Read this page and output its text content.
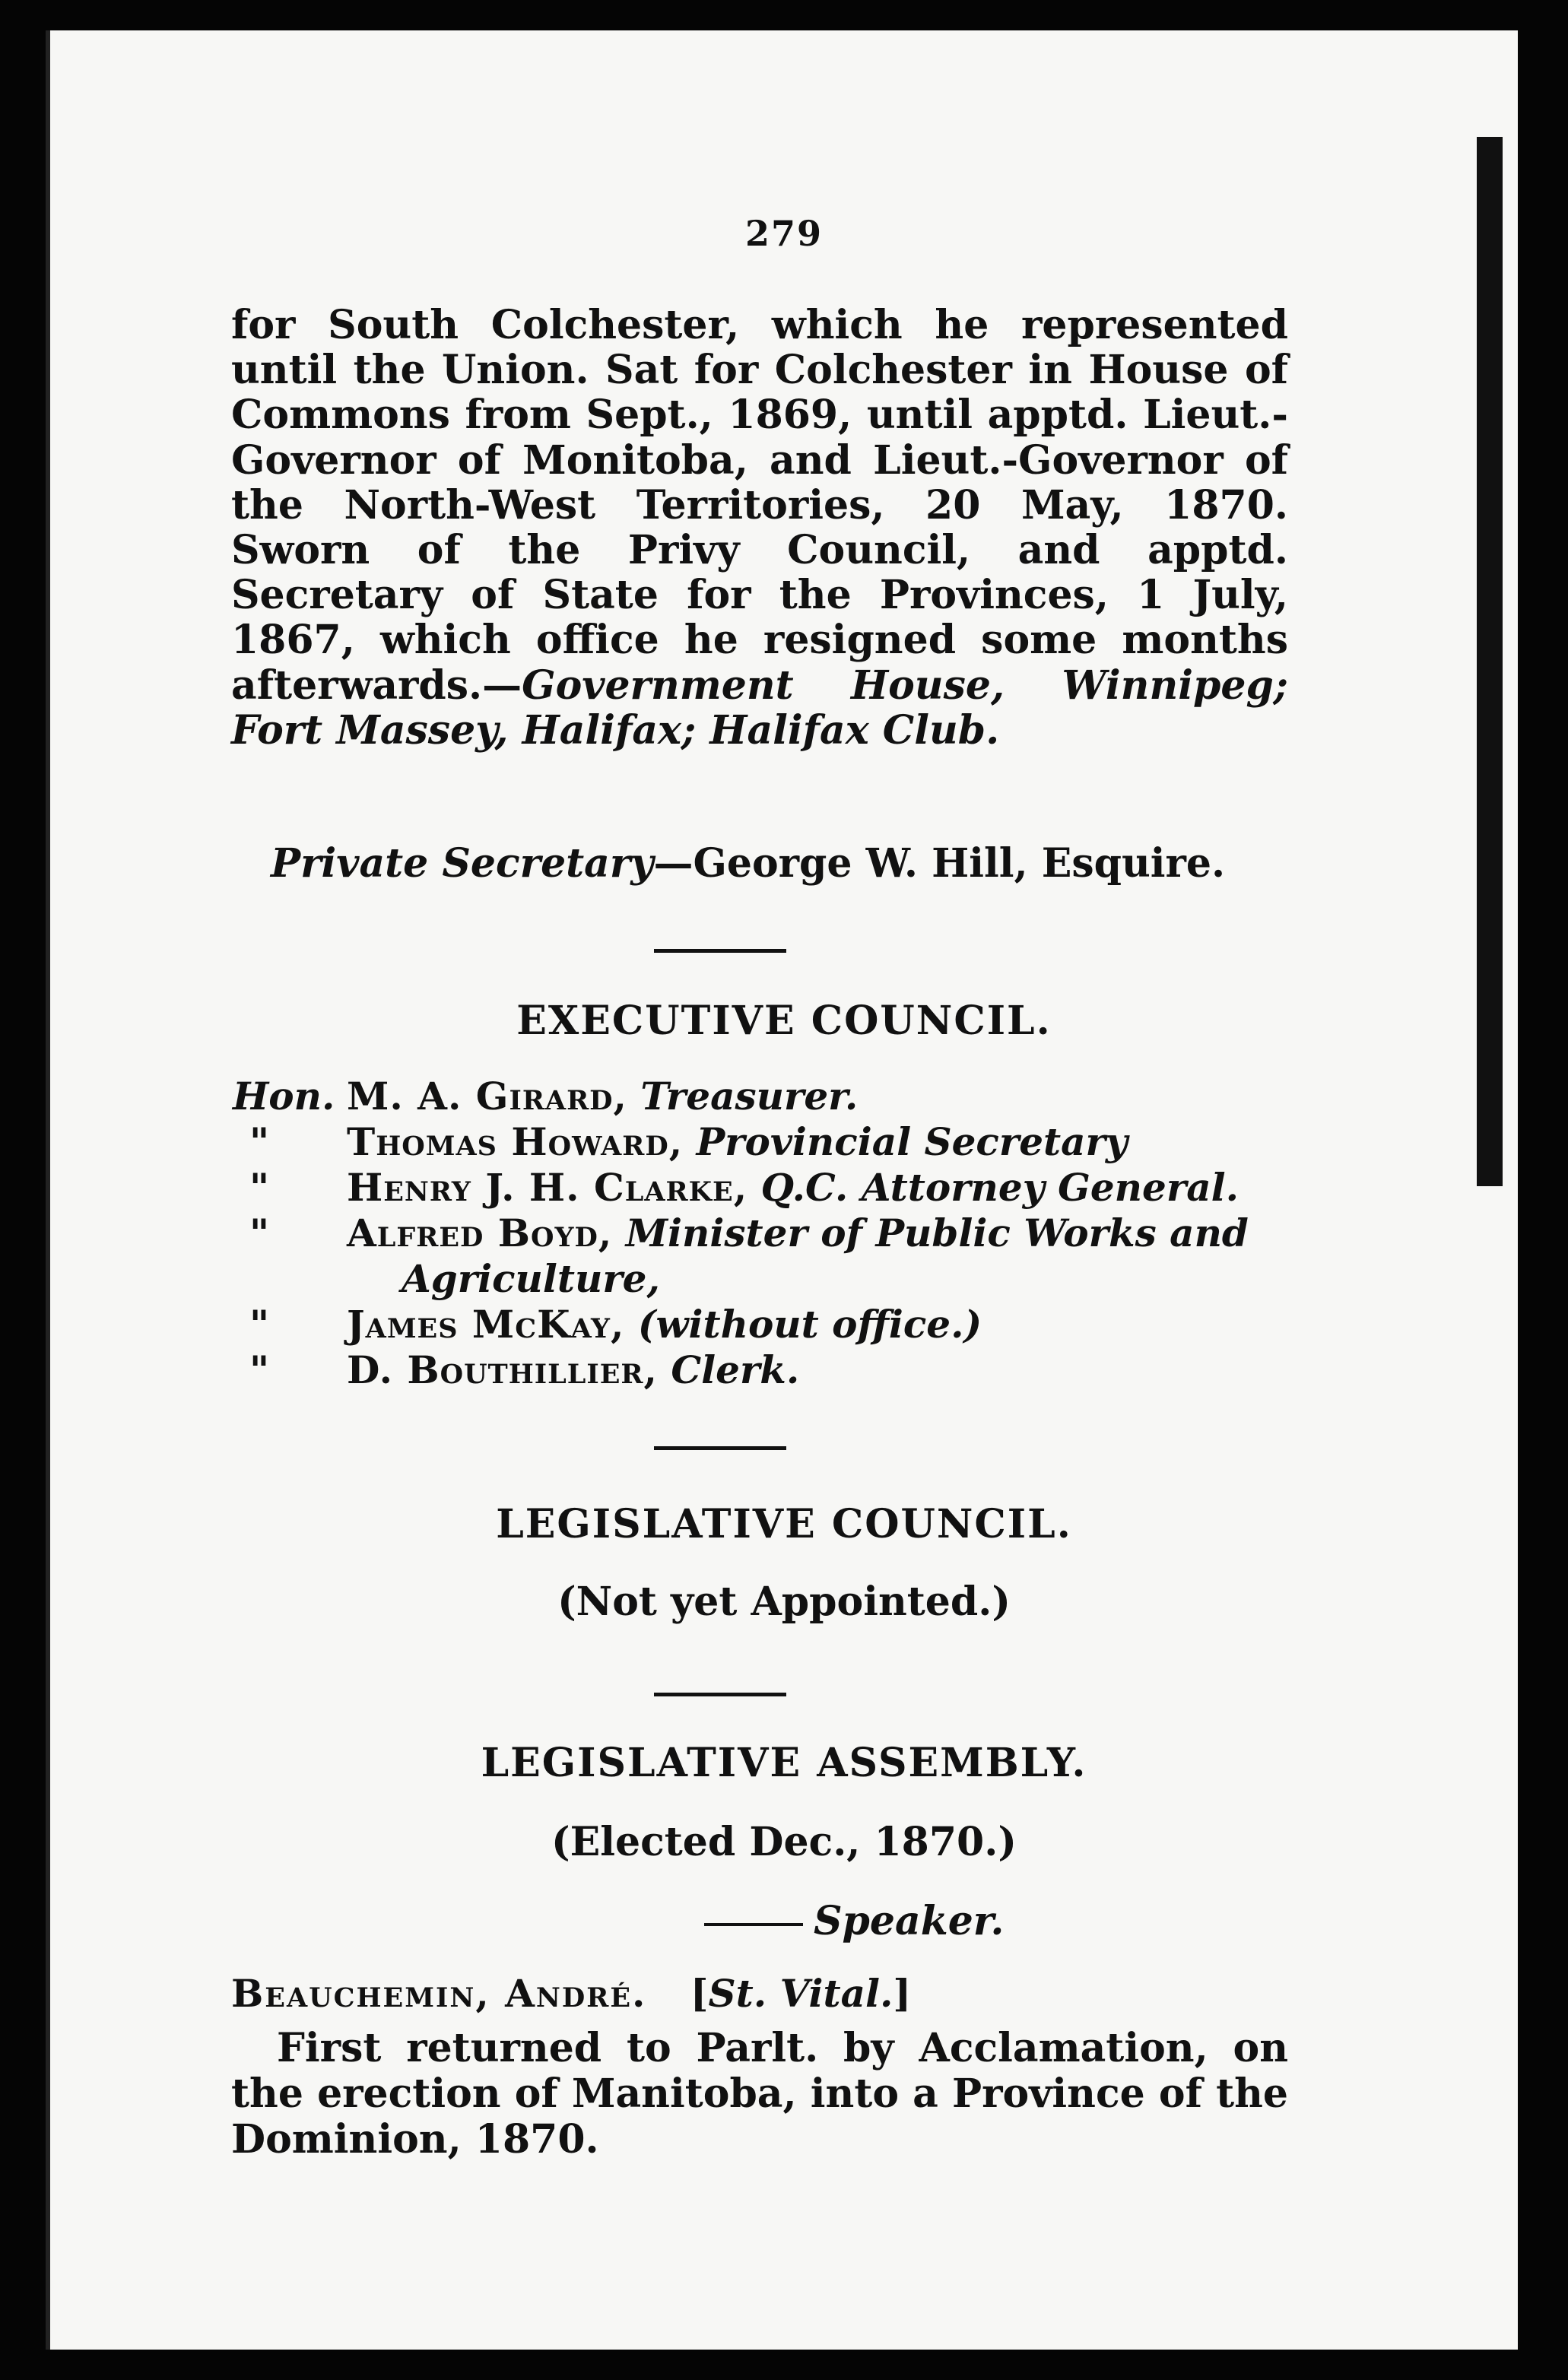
279
for South Colchester, which he represented until the Union. Sat for Colchester in House of Commons from Sept., 1869, until apptd. Lieut.-Governor of Monitoba, and Lieut.-Governor of the North-West Territories, 20 May, 1870. Sworn of the Privy Council, and apptd. Secretary of State for the Provinces, 1 July, 1867, which office he resigned some months afterwards.—Government House, Winnipeg; Fort Massey, Halifax; Halifax Club.
Private Secretary—George W. Hill, Esquire.
EXECUTIVE COUNCIL.
Hon. M. A. Girard, Treasurer.
" Thomas Howard, Provincial Secretary
" Henry J. H. Clarke, Q.C. Attorney General.
" Alfred Boyd, Minister of Public Works and
Agriculture,
" James McKay, (without office.)
" D. Bouthillier, Clerk.
LEGISLATIVE COUNCIL.
(Not yet Appointed.)
LEGISLATIVE ASSEMBLY.
(Elected Dec., 1870.)
Speaker.
Beauchemin, André. [St. Vital.]
First returned to Parlt. by Acclamation, on the erection of Manitoba, into a Province of the Dominion, 1870.
